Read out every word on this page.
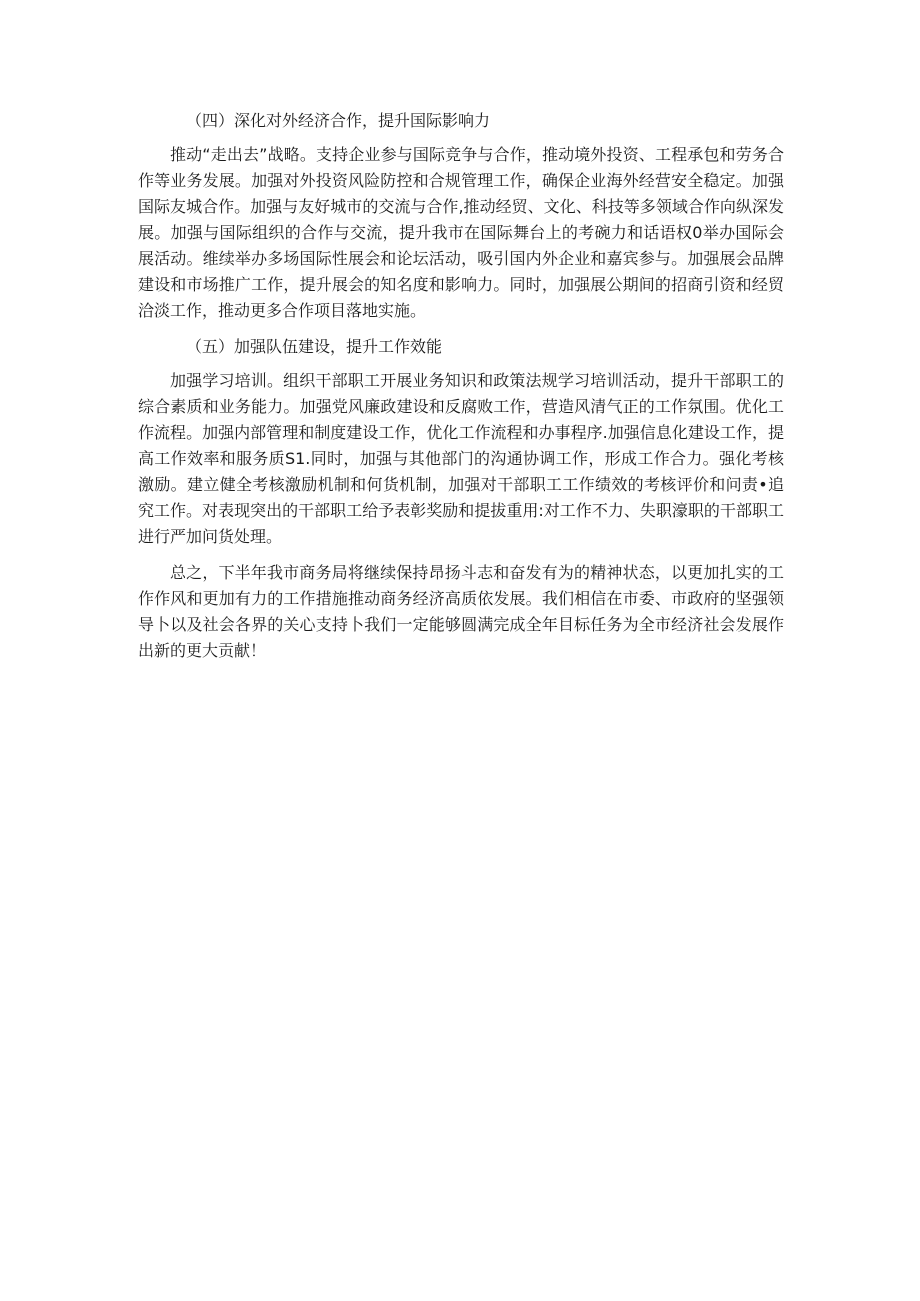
（四）深化对外经济合作，提升国际影响力

推动“走出去”战略。支持企业参与国际竞争与合作，推动境外投资、工程承包和劳务合作等业务发展。加强对外投资风险防控和合规管理工作，确保企业海外经营安全稳定。加强国际友城合作。加强与友好城市的交流与合作,推动经贸、文化、科技等多领域合作向纵深发展。加强与国际组织的合作与交流，提升我市在国际舞台上的考碗力和话语权0举办国际会展活动。维续举办多场国际性展会和论坛活动，吸引国内外企业和嘉宾参与。加强展会品牌建设和市场推广工作，提升展会的知名度和影响力。同时，加强展公期间的招商引资和经贸洽淡工作，推动更多合作项目落地实施。

（五）加强队伍建设，提升工作效能

加强学习培训。组织干部职工开展业务知识和政策法规学习培训活动，提升干部职工的综合素质和业务能力。加强党风廉政建设和反腐败工作，营造风清气正的工作氛围。优化工作流程。加强内部管理和制度建设工作，优化工作流程和办事程序.加强信息化建设工作，提高工作效率和服务质S1.同时，加强与其他部门的沟通协调工作，形成工作合力。强化考核激励。建立健全考核激励机制和何货机制，加强对干部职工工作绩效的考核评价和问责•追究工作。对表现突出的干部职工给予表彰奖励和提拔重用:对工作不力、失职濠职的干部职工进行严加问货处理。

总之，下半年我市商务局将继续保持昂扬斗志和奋发有为的精神状态，以更加扎实的工作作风和更加有力的工作措施推动商务经济高质依发展。我们相信在市委、市政府的坚强领导卜以及社会各界的关心支持卜我们一定能够圆满完成全年目标任务为全市经济社会发展作出新的更大贡献！
